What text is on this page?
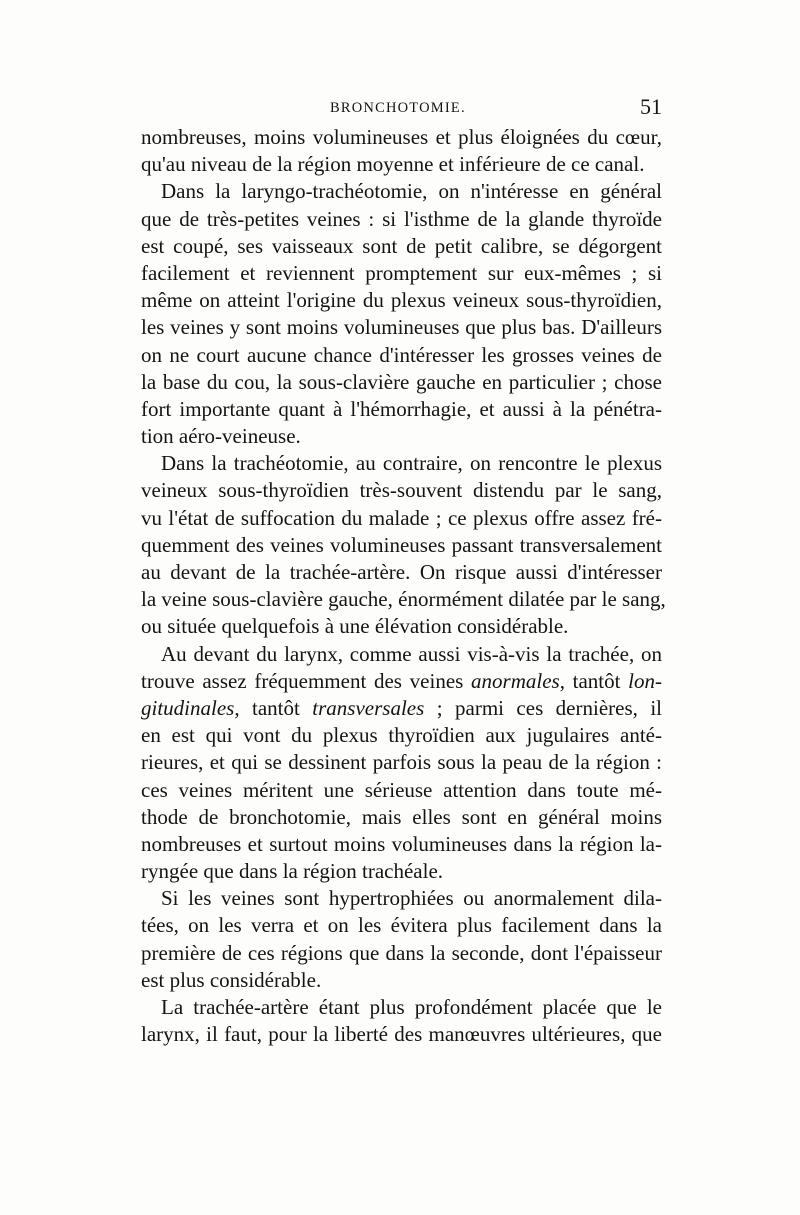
BRONCHOTOMIE.	51
nombreuses, moins volumineuses et plus éloignées du cœur,
qu'au niveau de la région moyenne et inférieure de ce canal.
Dans la laryngo-trachéotomie, on n'intéresse en général
que de très-petites veines : si l'isthme de la glande thyroïde
est coupé, ses vaisseaux sont de petit calibre, se dégorgent
facilement et reviennent promptement sur eux-mêmes ; si
même on atteint l'origine du plexus veineux sous-thyroïdien,
les veines y sont moins volumineuses que plus bas. D'ailleurs
on ne court aucune chance d'intéresser les grosses veines de
la base du cou, la sous-clavière gauche en particulier ; chose
fort importante quant à l'hémorrhagie, et aussi à la pénétra-
tion aéro-veineuse.
Dans la trachéotomie, au contraire, on rencontre le plexus
veineux sous-thyroïdien très-souvent distendu par le sang,
vu l'état de suffocation du malade ; ce plexus offre assez fré-
quemment des veines volumineuses passant transversalement
au devant de la trachée-artère. On risque aussi d'intéresser
la veine sous-clavière gauche, énormément dilatée par le sang,
ou située quelquefois à une élévation considérable.
Au devant du larynx, comme aussi vis-à-vis la trachée, on
trouve assez fréquemment des veines anormales, tantôt lon-
gitudinales, tantôt transversales ; parmi ces dernières, il
en est qui vont du plexus thyroïdien aux jugulaires anté-
rieures, et qui se dessinent parfois sous la peau de la région :
ces veines méritent une sérieuse attention dans toute mé-
thode de bronchotomie, mais elles sont en général moins
nombreuses et surtout moins volumineuses dans la région la-
ryngée que dans la région trachéale.
Si les veines sont hypertrophiées ou anormalement dila-
tées, on les verra et on les évitera plus facilement dans la
première de ces régions que dans la seconde, dont l'épaisseur
est plus considérable.
La trachée-artère étant plus profondément placée que le
larynx, il faut, pour la liberté des manœuvres ultérieures, que
